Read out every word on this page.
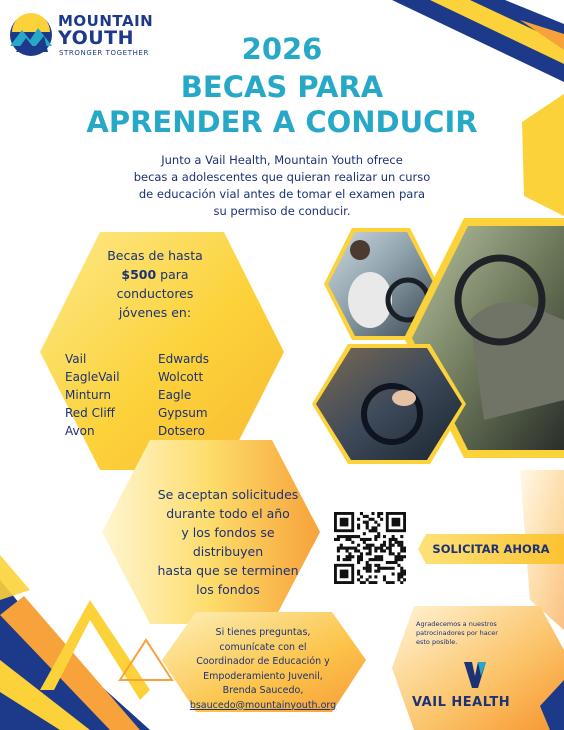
MOUNTAIN
YOUTH
STRONGER TOGETHER	2026
BECAS PARA
APRENDER A CONDUCIR
Junto a Vail Health, Mountain Youth ofrece
becas a adolescentes que quieran realizar un curso
de educación vial antes de tomar el examen para
su permiso de conducir.
Becas de hasta
$500 para
conductores
jóvenes en:
Vail
EagleVail
Minturn
Red Cliff
Avon
Edwards
Wolcott
Eagle
Gypsum
Dotsero
Se aceptan solicitudes
durante todo el año
y los fondos se
distribuyen
hasta que se terminen
los fondos
SOLICITAR AHORA
Si tienes preguntas,
comunícate con el
Coordinador de Educación y
Empoderamiento Juvenil,
Brenda Saucedo,
bsaucedo@mountainyouth.org
Agradecemos a nuestros
patrocinadores por hacer
esto posible.
VAIL HEALTH
